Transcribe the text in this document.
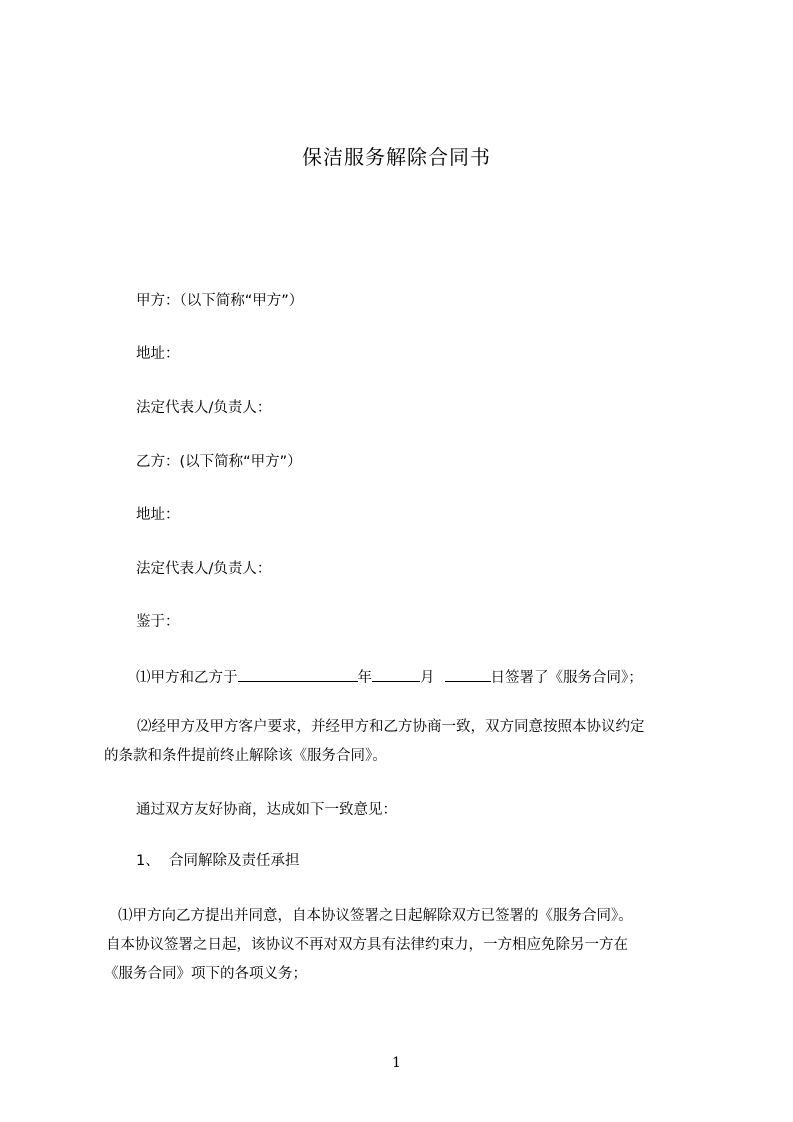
保洁服务解除合同书
甲方：（以下简称“甲方”）
地址：
法定代表人/负责人：
乙方：(以下简称“甲方”）
地址：
法定代表人/负责人：
鉴于：
⑴甲方和乙方于	年	月	日签署了《服务合同》；
⑵经甲方及甲方客户要求，并经甲方和乙方协商一致，双方同意按照本协议约定
的条款和条件提前终止解除该《服务合同》。
通过双方友好协商，达成如下一致意见：
1、  合同解除及责任承担
⑴甲方向乙方提出并同意，自本协议签署之日起解除双方已签署的《服务合同》。
自本协议签署之日起，该协议不再对双方具有法律约束力，一方相应免除另一方在
《服务合同》项下的各项义务；
1
